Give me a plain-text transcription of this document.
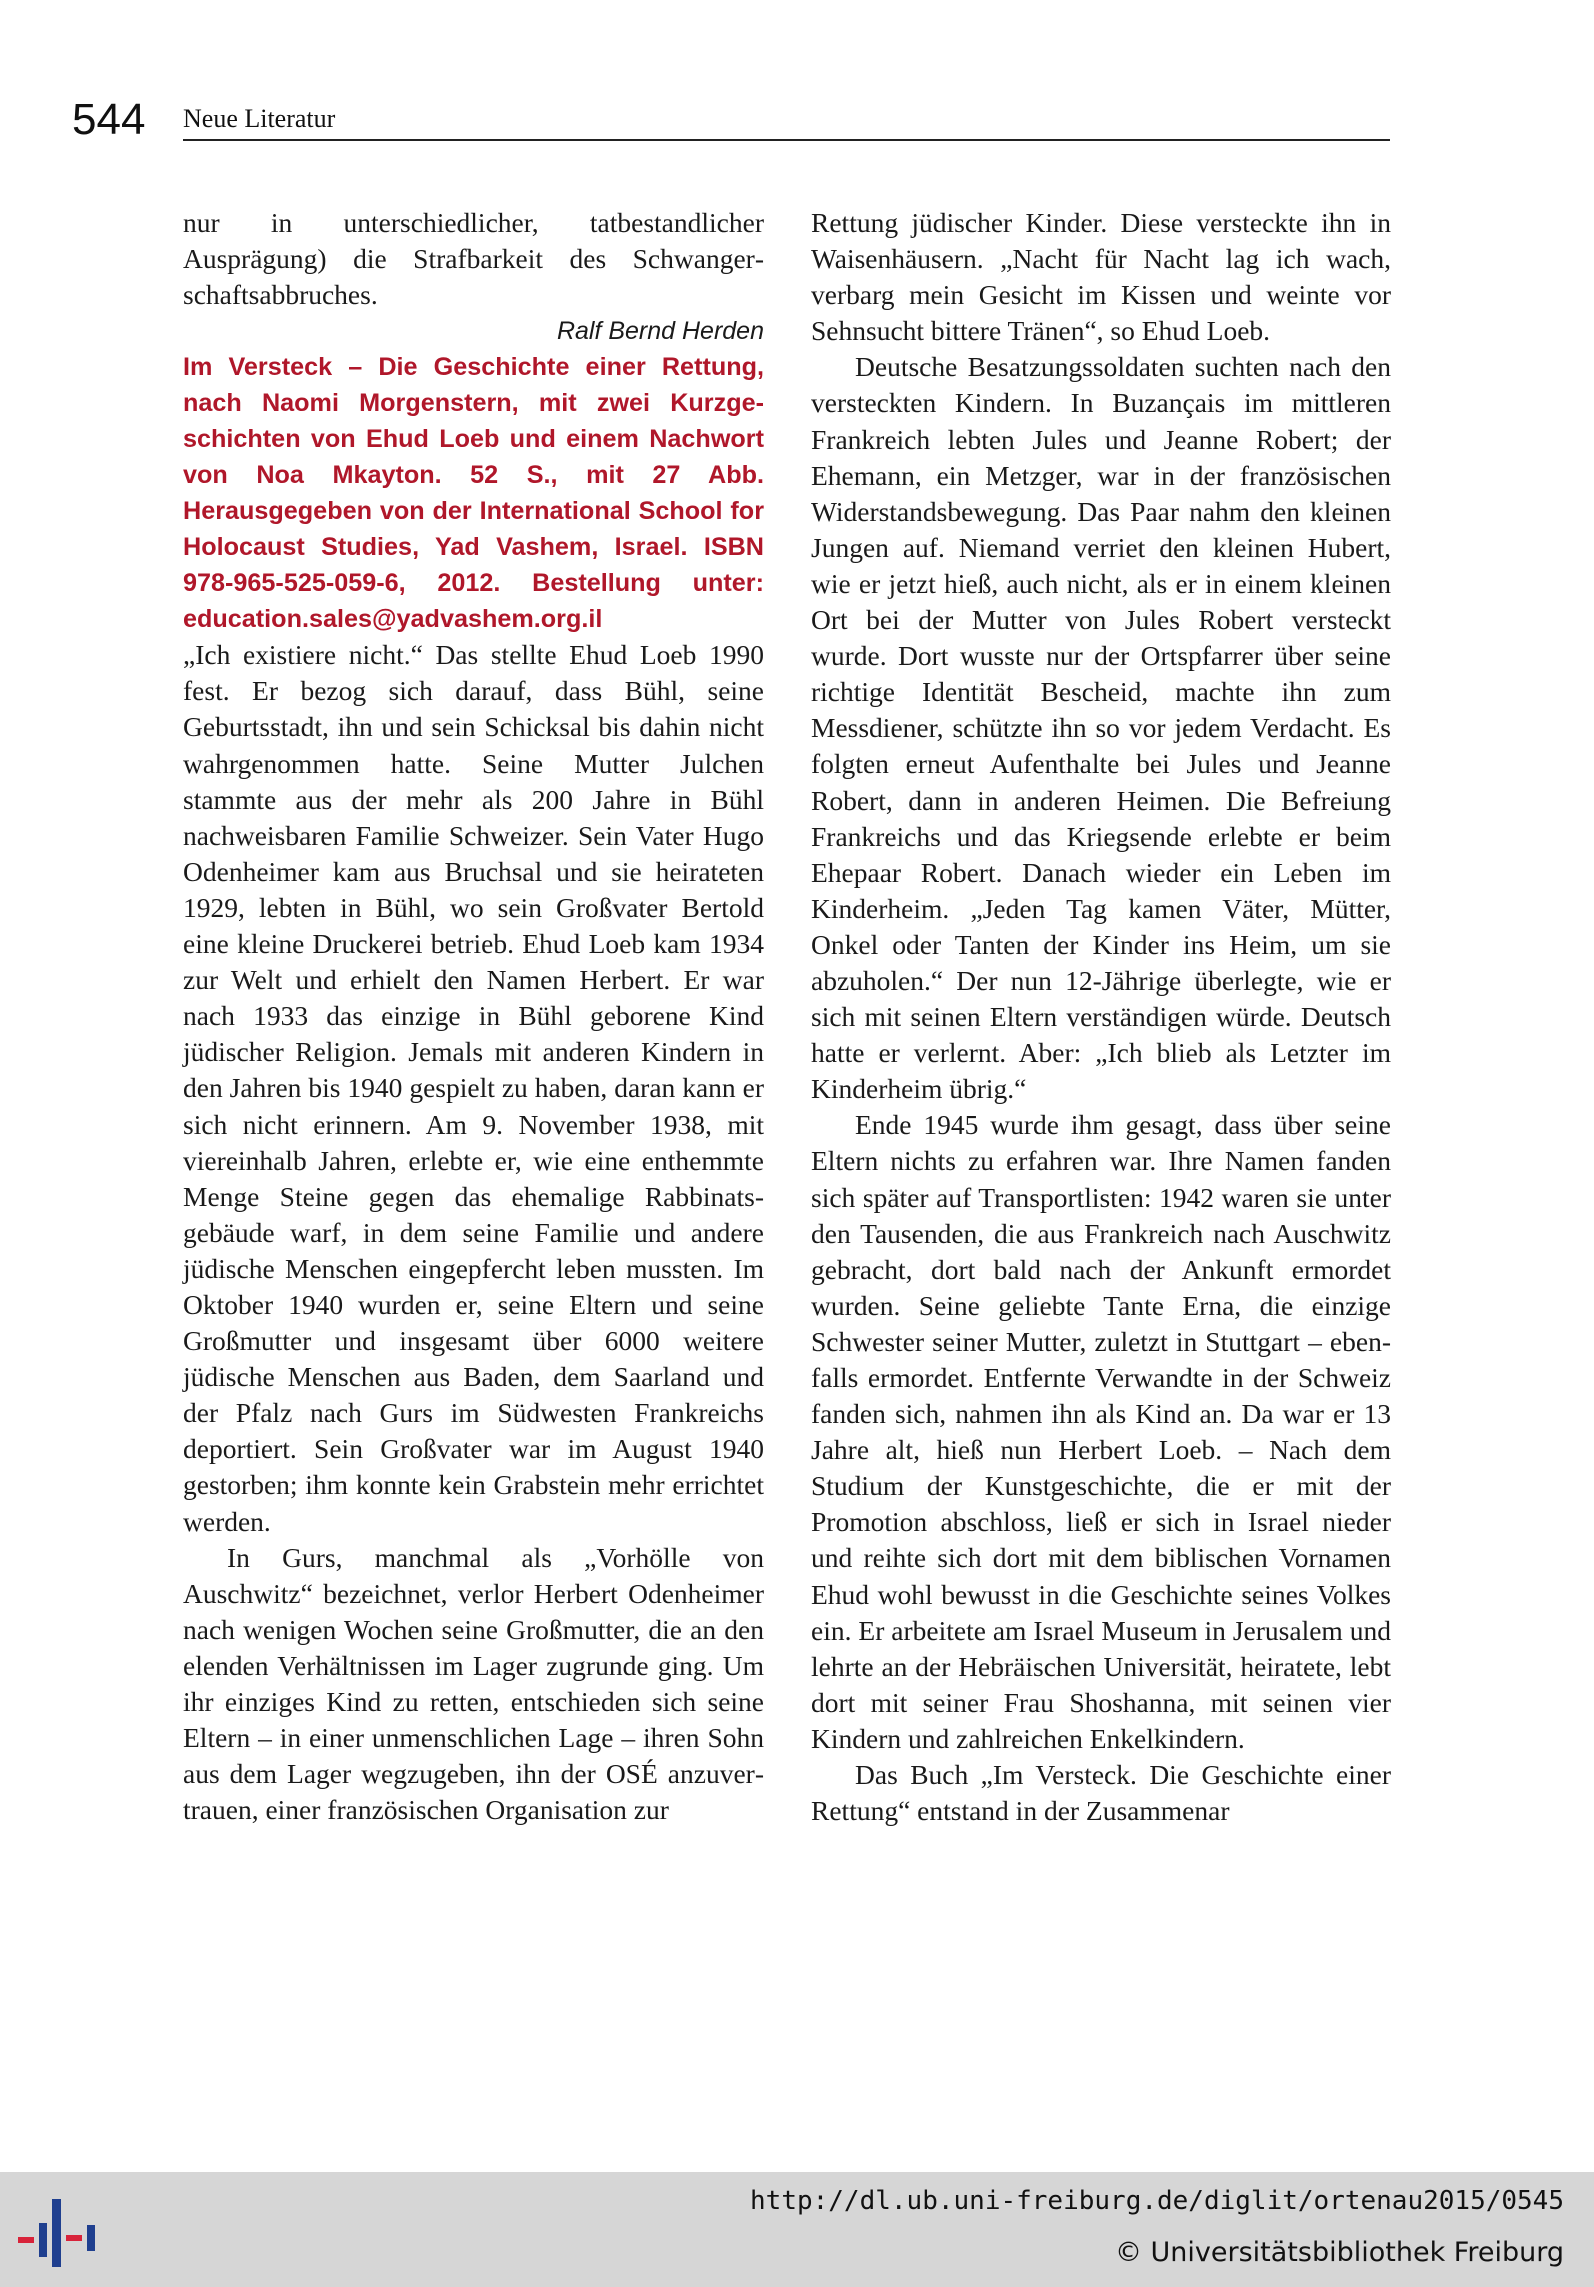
544 Neue Literatur

nur in unterschiedlicher, tatbestandlicher Ausprägung) die Strafbarkeit des Schwangerschaftsabbruches.

Ralf Bernd Herden

Im Versteck – Die Geschichte einer Rettung, nach Naomi Morgenstern, mit zwei Kurzgeschichten von Ehud Loeb und einem Nachwort von Noa Mkayton. 52 S., mit 27 Abb. Herausgegeben von der International School for Holocaust Studies, Yad Vashem, Israel. ISBN 978-965-525-059-6, 2012. Bestellung unter: education.sales@yadvashem.org.il

„Ich existiere nicht.“ Das stellte Ehud Loeb 1990 fest. Er bezog sich darauf, dass Bühl, seine Geburtsstadt, ihn und sein Schicksal bis dahin nicht wahrgenommen hatte. Seine Mutter Julchen stammte aus der mehr als 200 Jahre in Bühl nachweisbaren Familie Schweizer. Sein Vater Hugo Odenheimer kam aus Bruchsal und sie heirateten 1929, lebten in Bühl, wo sein Großvater Bertold eine kleine Druckerei betrieb. Ehud Loeb kam 1934 zur Welt und erhielt den Namen Herbert. Er war nach 1933 das einzige in Bühl geborene Kind jüdischer Religion. Jemals mit anderen Kindern in den Jahren bis 1940 gespielt zu haben, daran kann er sich nicht erinnern. Am 9. November 1938, mit viereinhalb Jahren, erlebte er, wie eine enthemmte Menge Steine gegen das ehemalige Rabbinatsgebäude warf, in dem seine Familie und andere jüdische Menschen eingepfercht leben mussten. Im Oktober 1940 wurden er, seine Eltern und seine Großmutter und insgesamt über 6000 weitere jüdische Menschen aus Baden, dem Saarland und der Pfalz nach Gurs im Südwesten Frankreichs deportiert. Sein Großvater war im August 1940 gestorben; ihm konnte kein Grabstein mehr errichtet werden.

In Gurs, manchmal als „Vorhölle von Auschwitz“ bezeichnet, verlor Herbert Odenheimer nach wenigen Wochen seine Großmutter, die an den elenden Verhältnissen im Lager zugrunde ging. Um ihr einziges Kind zu retten, entschieden sich seine Eltern – in einer unmenschlichen Lage – ihren Sohn aus dem Lager wegzugeben, ihn der OSÉ anzuvertrauen, einer französischen Organisation zur

Rettung jüdischer Kinder. Diese versteckte ihn in Waisenhäusern. „Nacht für Nacht lag ich wach, verbarg mein Gesicht im Kissen und weinte vor Sehnsucht bittere Tränen“, so Ehud Loeb.

Deutsche Besatzungssoldaten suchten nach den versteckten Kindern. In Buzançais im mittleren Frankreich lebten Jules und Jeanne Robert; der Ehemann, ein Metzger, war in der französischen Widerstandsbewegung. Das Paar nahm den kleinen Jungen auf. Niemand verriet den kleinen Hubert, wie er jetzt hieß, auch nicht, als er in einem kleinen Ort bei der Mutter von Jules Robert versteckt wurde. Dort wusste nur der Ortspfarrer über seine richtige Identität Bescheid, machte ihn zum Messdiener, schützte ihn so vor jedem Verdacht. Es folgten erneut Aufenthalte bei Jules und Jeanne Robert, dann in anderen Heimen. Die Befreiung Frankreichs und das Kriegsende erlebte er beim Ehepaar Robert. Danach wieder ein Leben im Kinderheim. „Jeden Tag kamen Väter, Mütter, Onkel oder Tanten der Kinder ins Heim, um sie abzuholen.“ Der nun 12-Jährige überlegte, wie er sich mit seinen Eltern verständigen würde. Deutsch hatte er verlernt. Aber: „Ich blieb als Letzter im Kinderheim übrig.“

Ende 1945 wurde ihm gesagt, dass über seine Eltern nichts zu erfahren war. Ihre Namen fanden sich später auf Transportlisten: 1942 waren sie unter den Tausenden, die aus Frankreich nach Auschwitz gebracht, dort bald nach der Ankunft ermordet wurden. Seine geliebte Tante Erna, die einzige Schwester seiner Mutter, zuletzt in Stuttgart – ebenfalls ermordet. Entfernte Verwandte in der Schweiz fanden sich, nahmen ihn als Kind an. Da war er 13 Jahre alt, hieß nun Herbert Loeb. – Nach dem Studium der Kunstgeschichte, die er mit der Promotion abschloss, ließ er sich in Israel nieder und reihte sich dort mit dem biblischen Vornamen Ehud wohl bewusst in die Geschichte seines Volkes ein. Er arbeitete am Israel Museum in Jerusalem und lehrte an der Hebräischen Universität, heiratete, lebt dort mit seiner Frau Shoshanna, mit seinen vier Kindern und zahlreichen Enkelkindern.

Das Buch „Im Versteck. Die Geschichte einer Rettung“ entstand in der Zusammenar

http://dl.ub.uni-freiburg.de/diglit/ortenau2015/0545
© Universitätsbibliothek Freiburg
